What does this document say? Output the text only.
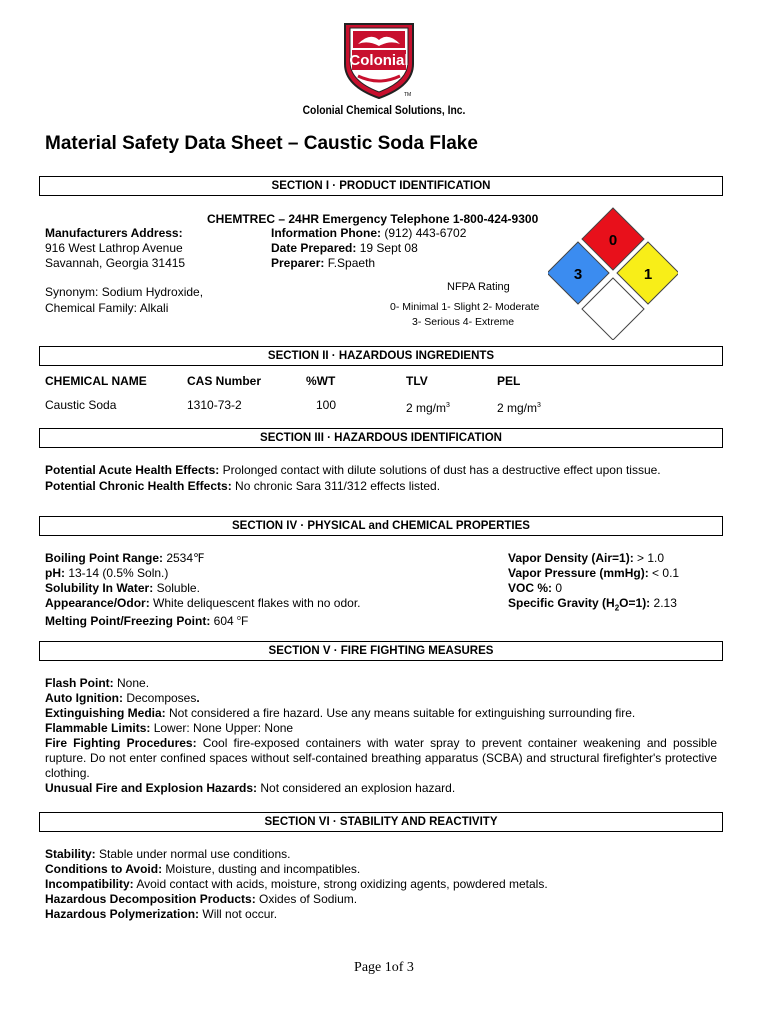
Colonial
TM
Colonial Chemical Solutions, Inc.
Material Safety Data Sheet – Caustic Soda Flake
SECTION I · PRODUCT IDENTIFICATION
CHEMTREC – 24HR Emergency Telephone 1-800-424-9300
Manufacturers Address:
916 West Lathrop Avenue
Savannah, Georgia 31415
Information Phone: (912) 443-6702
Date Prepared: 19 Sept 08
Preparer: F.Spaeth
Synonym: Sodium Hydroxide,
Chemical Family: Alkali
NFPA Rating
0- Minimal 1- Slight 2- Moderate
3- Serious 4- Extreme
0
3	1
SECTION II · HAZARDOUS INGREDIENTS
CHEMICAL NAME	CAS Number	%WT	TLV	PEL
Caustic Soda	1310-73-2	100	2 $mg/m^3$	2 $mg/m^3$
SECTION III · HAZARDOUS IDENTIFICATION
Potential Acute Health Effects: Prolonged contact with dilute solutions of dust has a destructive effect upon tissue.
Potential Chronic Health Effects: No chronic Sara 311/312 effects listed.
SECTION IV · PHYSICAL and CHEMICAL PROPERTIES
Boiling Point Range: 2534℉
pH: 13-14 (0.5% Soln.)
Solubility In Water: Soluble.
Appearance/Odor: White deliquescent flakes with no odor.
Melting Point/Freezing Point: 604 $^o$F
Vapor Density (Air=1): > 1.0
Vapor Pressure (mmHg): < 0.1
VOC %: 0
Specific Gravity $(H_2O=1)$: 2.13
SECTION V · FIRE FIGHTING MEASURES
Flash Point: None.
Auto Ignition: Decomposes.
Extinguishing Media: Not considered a fire hazard. Use any means suitable for extinguishing surrounding fire.
Flammable Limits: Lower: None Upper: None
Fire Fighting Procedures: Cool fire-exposed containers with water spray to prevent container weakening and possible rupture. Do not enter confined spaces without self-contained breathing apparatus (SCBA) and structural firefighter's protective clothing.
Unusual Fire and Explosion Hazards: Not considered an explosion hazard.
SECTION VI · STABILITY AND REACTIVITY
Stability: Stable under normal use conditions.
Conditions to Avoid: Moisture, dusting and incompatibles.
Incompatibility: Avoid contact with acids, moisture, strong oxidizing agents, powdered metals.
Hazardous Decomposition Products: Oxides of Sodium.
Hazardous Polymerization: Will not occur.
Page 1of 3
